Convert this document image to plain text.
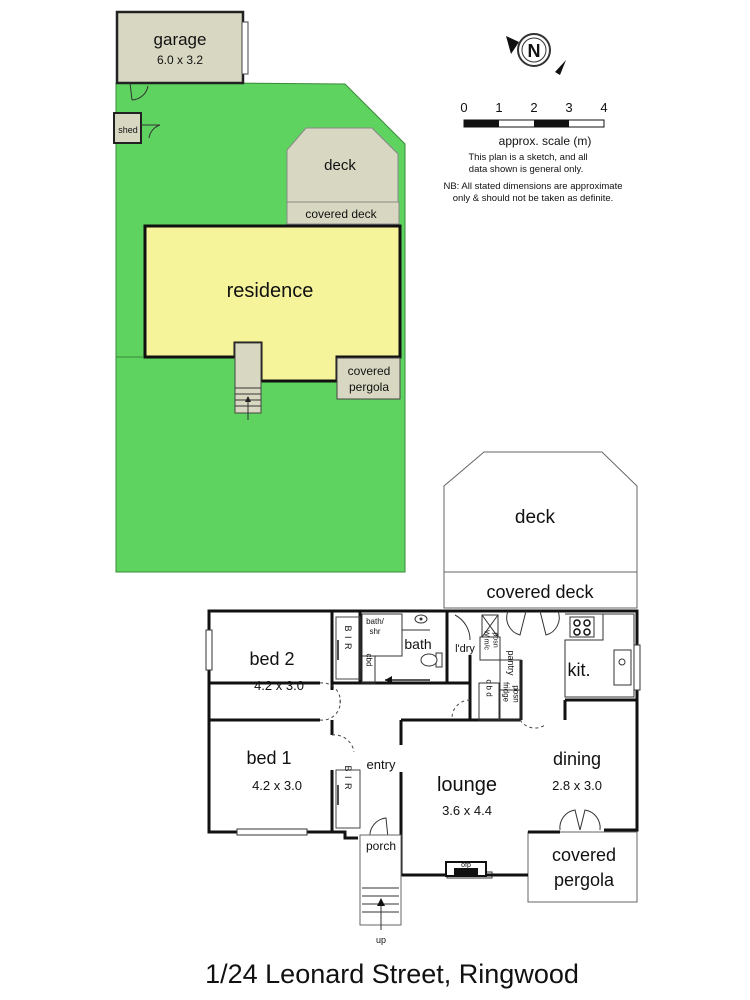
garage
6.0 x 3.2
shed
deck
covered deck
residence
covered
pergola
N
0 1 2 3 4
approx. scale (m)
This plan is a sketch, and all
data shown is general only.
NB: All stated dimensions are approximate
only & should not be taken as definite.
deck
covered deck
B I R
B I R
bath/
shr
bath
cbd
l'dry W m/c posn
pantry
fridge posn
c b d
kit.
bed 2
4.2 x 3.0
bed 1
4.2 x 3.0
entry
lounge
3.6 x 4.4
dining
2.8 x 3.0
covered
pergola
ofp
porch
up
1/24 Leonard Street, Ringwood
